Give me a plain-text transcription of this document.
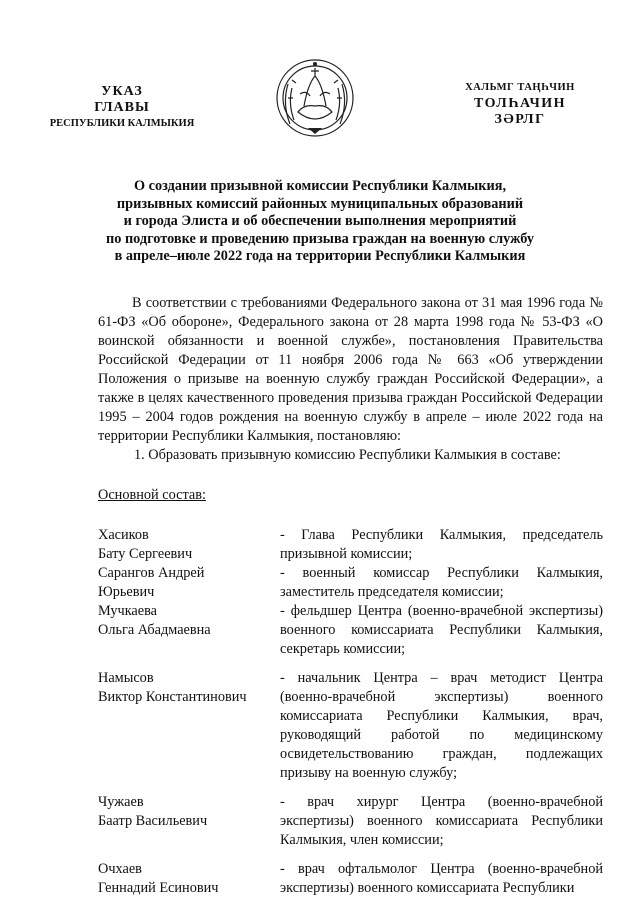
УКАЗ
ГЛАВЫ
РЕСПУБЛИКИ КАЛМЫКИЯ
ХАЛЬМГ ТАҢҺЧИН
ТОЛҺАЧИН
ЗӘРЛГ
О создании призывной комиссии Республики Калмыкия,
призывных комиссий районных муниципальных образований
и города Элиста и об обеспечении выполнения мероприятий
по подготовке и проведению призыва граждан на военную службу
в апреле–июле 2022 года на территории Республики Калмыкия
В соответствии с требованиями Федерального закона от 31 мая 1996 года № 61-ФЗ «Об обороне», Федерального закона от 28 марта 1998 года № 53-ФЗ «О воинской обязанности и военной службе», постановления Правительства Российской Федерации от 11 ноября 2006 года № 663 «Об утверждении Положения о призыве на военную службу граждан Российской Федерации», а также в целях качественного проведения призыва граждан Российской Федерации 1995 – 2004 годов рождения на военную службу в апреле – июле 2022 года на территории Республики Калмыкия, постановляю:
1. Образовать призывную комиссию Республики Калмыкия в составе:
Основной состав:
Хасиков
Бату Сергеевич
- Глава Республики Калмыкия, председатель призывной комиссии;
Сарангов Андрей
Юрьевич
- военный комиссар Республики Калмыкия, заместитель председателя комиссии;
Мучкаева
Ольга Абадмаевна
- фельдшер Центра (военно-врачебной экспертизы) военного комиссариата Республики Калмыкия, секретарь комиссии;
Намысов
Виктор Константинович
- начальник Центра – врач методист Центра (военно-врачебной экспертизы) военного комиссариата Республики Калмыкия, врач, руководящий работой по медицинскому освидетельствованию граждан, подлежащих призыву на военную службу;
Чужаев
Баатр Васильевич
- врач хирург Центра (военно-врачебной экспертизы) военного комиссариата Республики Калмыкия, член комиссии;
Очхаев
Геннадий Есинович
- врач офтальмолог Центра (военно-врачебной экспертизы) военного комиссариата Республики
